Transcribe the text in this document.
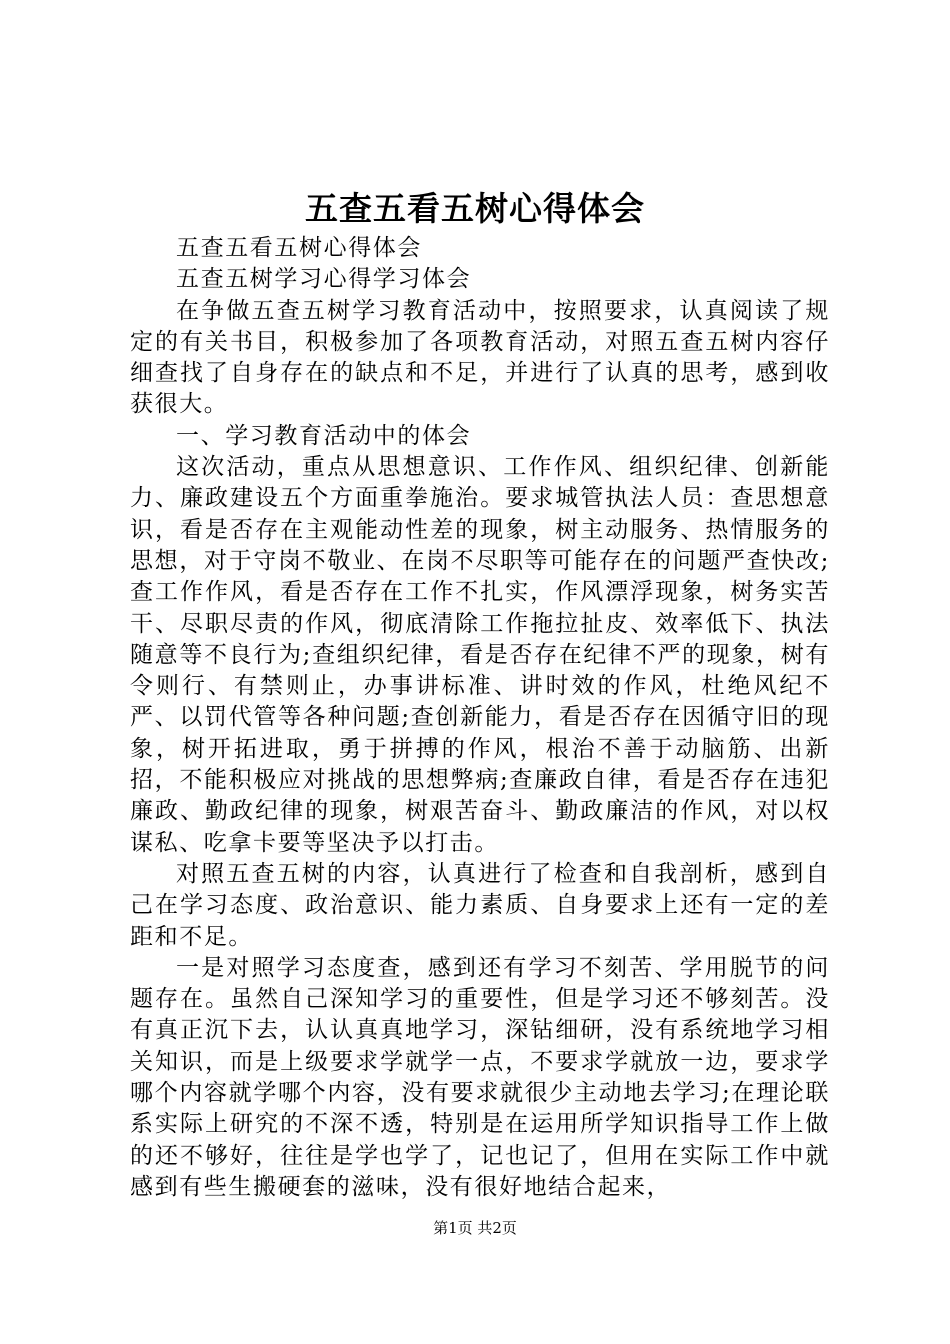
五查五看五树心得体会

五查五看五树心得体会

五查五树学习心得学习体会

在争做五查五树学习教育活动中，按照要求，认真阅读了规定的有关书目，积极参加了各项教育活动，对照五查五树内容仔细查找了自身存在的缺点和不足，并进行了认真的思考，感到收获很大。

一、学习教育活动中的体会

这次活动，重点从思想意识、工作作风、组织纪律、创新能力、廉政建设五个方面重拳施治。要求城管执法人员：查思想意识，看是否存在主观能动性差的现象，树主动服务、热情服务的思想，对于守岗不敬业、在岗不尽职等可能存在的问题严查快改;查工作作风，看是否存在工作不扎实，作风漂浮现象，树务实苦干、尽职尽责的作风，彻底清除工作拖拉扯皮、效率低下、执法随意等不良行为;查组织纪律，看是否存在纪律不严的现象，树有令则行、有禁则止，办事讲标准、讲时效的作风，杜绝风纪不严、以罚代管等各种问题;查创新能力，看是否存在因循守旧的现象，树开拓进取，勇于拼搏的作风，根治不善于动脑筋、出新招，不能积极应对挑战的思想弊病;查廉政自律，看是否存在违犯廉政、勤政纪律的现象，树艰苦奋斗、勤政廉洁的作风，对以权谋私、吃拿卡要等坚决予以打击。

对照五查五树的内容，认真进行了检查和自我剖析，感到自己在学习态度、政治意识、能力素质、自身要求上还有一定的差距和不足。

一是对照学习态度查，感到还有学习不刻苦、学用脱节的问题存在。虽然自己深知学习的重要性，但是学习还不够刻苦。没有真正沉下去，认认真真地学习，深钻细研，没有系统地学习相关知识，而是上级要求学就学一点，不要求学就放一边，要求学哪个内容就学哪个内容，没有要求就很少主动地去学习;在理论联系实际上研究的不深不透，特别是在运用所学知识指导工作上做的还不够好，往往是学也学了，记也记了，但用在实际工作中就感到有些生搬硬套的滋味，没有很好地结合起来，

第1页 共2页
